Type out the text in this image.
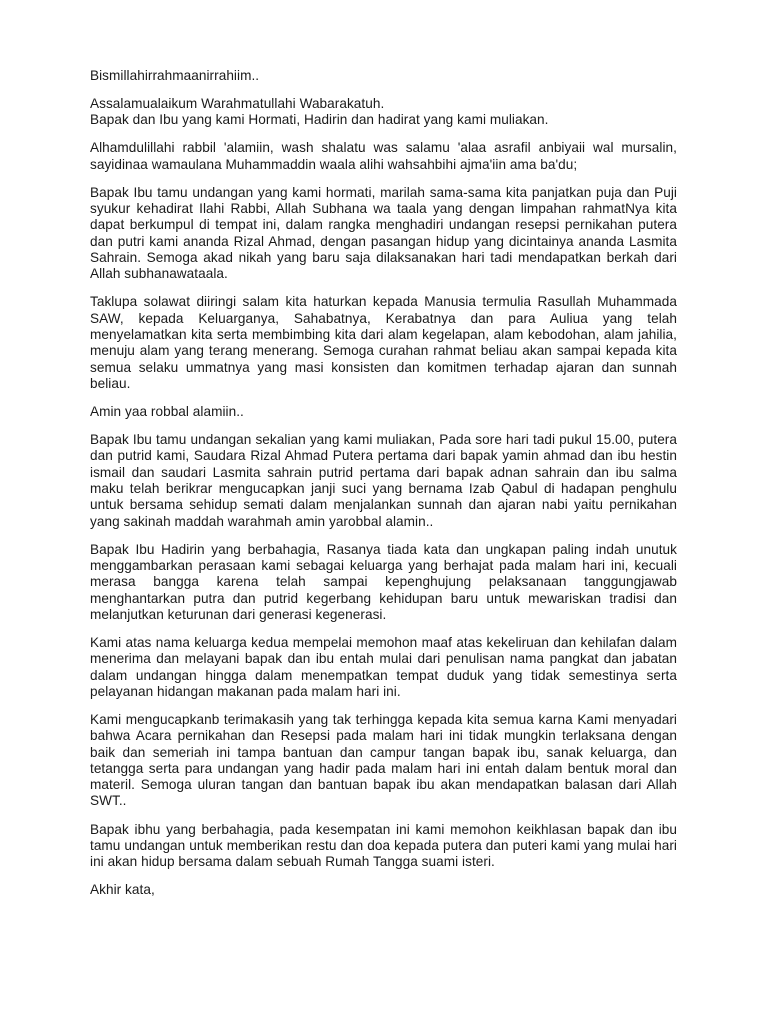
Bismillahirrahmaanirrahiim..

Assalamualaikum Warahmatullahi Wabarakatuh.
Bapak dan Ibu yang kami Hormati, Hadirin dan hadirat yang kami muliakan.

Alhamdulillahi rabbil 'alamiin, wash shalatu was salamu 'alaa asrafil anbiyaii wal mursalin, sayidinaa wamaulana Muhammaddin waala alihi wahsahbihi ajma'iin ama ba'du;

Bapak Ibu tamu undangan yang kami hormati, marilah sama-sama kita panjatkan puja dan Puji syukur kehadirat Ilahi Rabbi, Allah Subhana wa taala yang dengan limpahan rahmatNya kita dapat berkumpul di tempat ini, dalam rangka menghadiri undangan resepsi pernikahan putera dan putri kami ananda Rizal Ahmad, dengan pasangan hidup yang dicintainya ananda Lasmita Sahrain. Semoga akad nikah yang baru saja dilaksanakan hari tadi mendapatkan berkah dari Allah subhanawataala.

Taklupa solawat diiringi salam kita haturkan kepada Manusia termulia Rasullah Muhammada SAW, kepada Keluarganya, Sahabatnya, Kerabatnya dan para Auliua yang telah menyelamatkan kita serta membimbing kita dari alam kegelapan, alam kebodohan, alam jahilia, menuju alam yang terang menerang. Semoga curahan rahmat beliau akan sampai kepada kita semua selaku ummatnya yang masi konsisten dan komitmen terhadap ajaran dan sunnah beliau.

Amin yaa robbal alamiin..

Bapak Ibu tamu undangan sekalian yang kami muliakan, Pada sore hari tadi pukul 15.00, putera dan putrid kami, Saudara Rizal Ahmad Putera pertama dari bapak yamin ahmad dan ibu hestin ismail dan saudari Lasmita sahrain putrid pertama dari bapak adnan sahrain dan ibu salma maku telah berikrar mengucapkan janji suci yang bernama Izab Qabul di hadapan penghulu untuk bersama sehidup semati dalam menjalankan sunnah dan ajaran nabi yaitu pernikahan yang sakinah maddah warahmah amin yarobbal alamin..

Bapak Ibu Hadirin yang berbahagia, Rasanya tiada kata dan ungkapan paling indah unutuk menggambarkan perasaan kami sebagai keluarga yang berhajat pada malam hari ini, kecuali merasa bangga karena telah sampai kepenghujung pelaksanaan tanggungjawab menghantarkan putra dan putrid kegerbang kehidupan baru untuk mewariskan tradisi dan melanjutkan keturunan dari generasi kegenerasi.

Kami atas nama keluarga kedua mempelai memohon maaf atas kekeliruan dan kehilafan dalam menerima dan melayani bapak dan ibu entah mulai dari penulisan nama pangkat dan jabatan dalam undangan hingga dalam menempatkan tempat duduk yang tidak semestinya serta pelayanan hidangan makanan pada malam hari ini.

Kami mengucapkanb terimakasih yang tak terhingga kepada kita semua karna Kami menyadari bahwa Acara pernikahan dan Resepsi pada malam hari ini tidak mungkin terlaksana dengan baik dan semeriah ini tampa bantuan dan campur tangan bapak ibu, sanak keluarga, dan tetangga serta para undangan yang hadir pada malam hari ini entah dalam bentuk moral dan materil. Semoga uluran tangan dan bantuan bapak ibu akan mendapatkan balasan dari Allah SWT..

Bapak ibhu yang berbahagia, pada kesempatan ini kami memohon keikhlasan bapak dan ibu tamu undangan untuk memberikan restu dan doa kepada putera dan puteri kami yang mulai hari ini akan hidup bersama dalam sebuah Rumah Tangga suami isteri.

Akhir kata,
